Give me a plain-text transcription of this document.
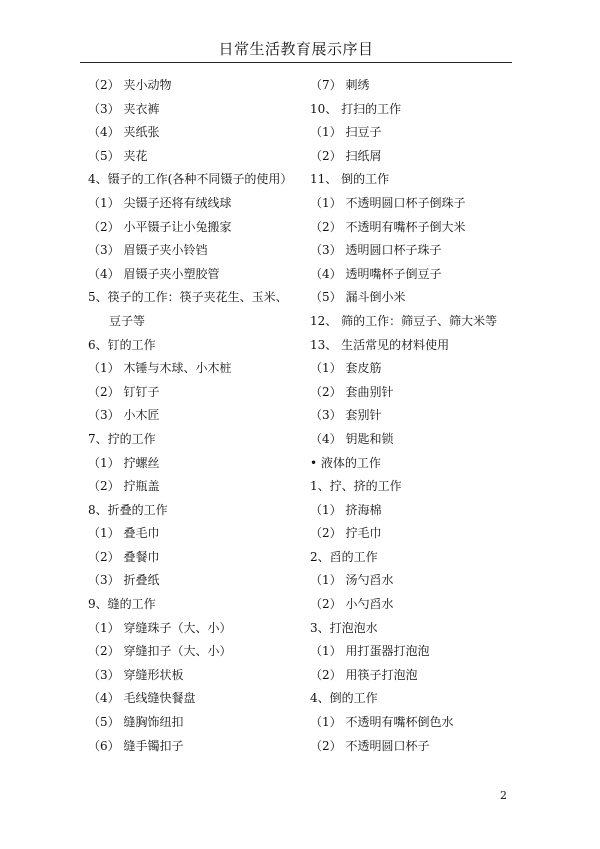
日常生活教育展示序目
（2） 夹小动物
（3） 夹衣裤
（4） 夹纸张
（5） 夹花
4、镊子的工作(各种不同镊子的使用）
（1） 尖镊子还将有绒线球
（2） 小平镊子让小兔搬家
（3） 眉镊子夹小铃铛
（4） 眉镊子夹小塑胶管
5、筷子的工作：筷子夹花生、玉米、
豆子等
6、钉的工作
（1） 木锤与木球、小木桩
（2） 钉钉子
（3） 小木匠
7、拧的工作
（1） 拧螺丝
（2） 拧瓶盖
8、折叠的工作
（1） 叠毛巾
（2） 叠餐巾
（3） 折叠纸
9、缝的工作
（1） 穿缝珠子（大、小）
（2） 穿缝扣子（大、小）
（3） 穿缝形状板
（4） 毛线缝快餐盘
（5） 缝胸饰纽扣
（6） 缝手镯扣子
（7） 刺绣
10、 打扫的工作
（1） 扫豆子
（2） 扫纸屑
11、 倒的工作
（1） 不透明圆口杯子倒珠子
（2） 不透明有嘴杯子倒大米
（3） 透明圆口杯子珠子
（4） 透明嘴杯子倒豆子
（5） 漏斗倒小米
12、 筛的工作：筛豆子、筛大米等
13、 生活常见的材料使用
（1） 套皮筋
（2） 套曲别针
（3） 套别针
（4） 钥匙和锁
• 液体的工作
1、拧、挤的工作
（1） 挤海棉
（2） 拧毛巾
2、舀的工作
（1） 汤勺舀水
（2） 小勺舀水
3、打泡泡水
（1） 用打蛋器打泡泡
（2） 用筷子打泡泡
4、倒的工作
（1） 不透明有嘴杯倒色水
（2） 不透明圆口杯子
2
